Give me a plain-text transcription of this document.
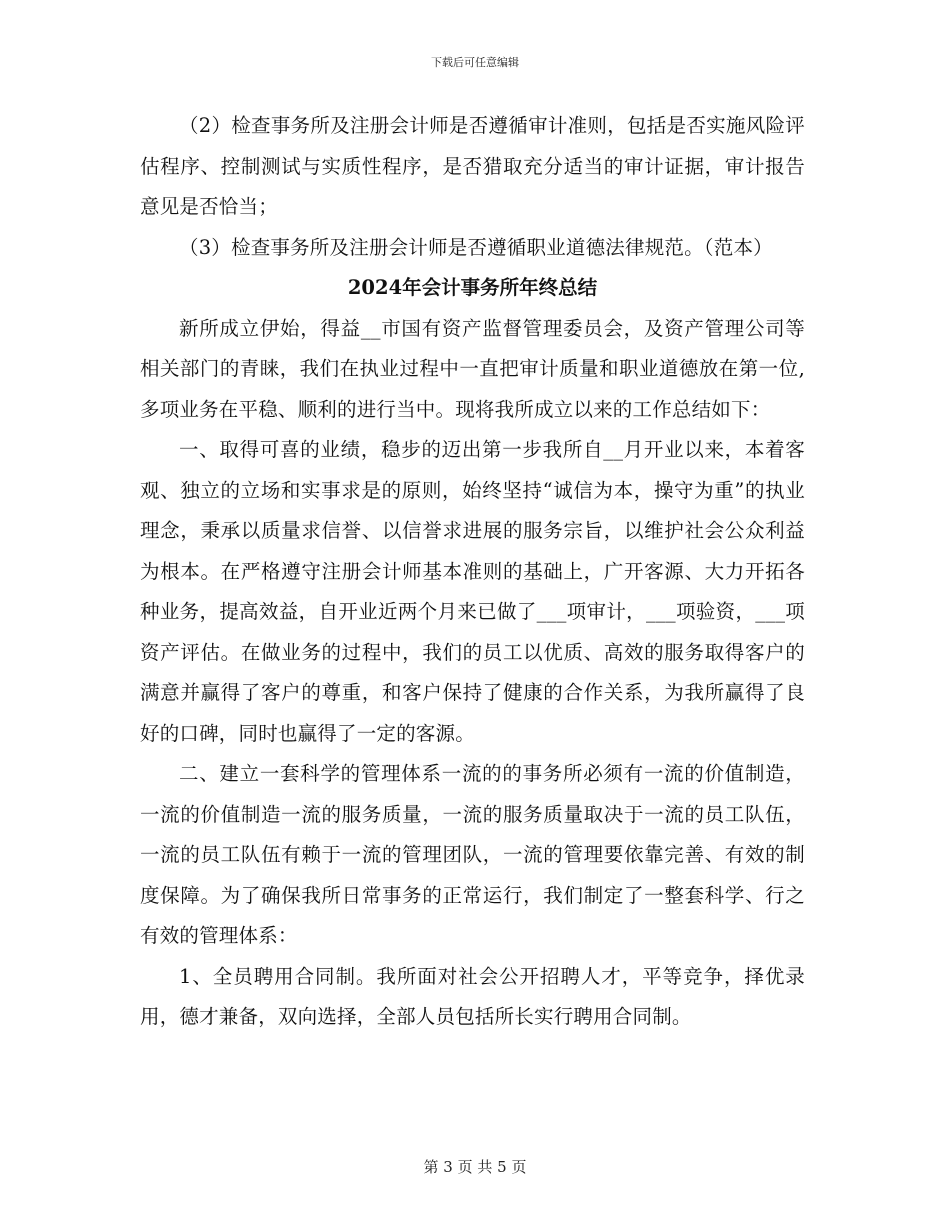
下载后可任意编辑

（2）检查事务所及注册会计师是否遵循审计准则，包括是否实施风险评估程序、控制测试与实质性程序，是否猎取充分适当的审计证据，审计报告意见是否恰当；

（3）检查事务所及注册会计师是否遵循职业道德法律规范。（范本）

2024年会计事务所年终总结

新所成立伊始，得益__市国有资产监督管理委员会，及资产管理公司等相关部门的青睐，我们在执业过程中一直把审计质量和职业道德放在第一位,多项业务在平稳、顺利的进行当中。现将我所成立以来的工作总结如下：

一、取得可喜的业绩，稳步的迈出第一步我所自__月开业以来，本着客观、独立的立场和实事求是的原则，始终坚持“诚信为本，操守为重”的执业理念，秉承以质量求信誉、以信誉求进展的服务宗旨，以维护社会公众利益为根本。在严格遵守注册会计师基本准则的基础上，广开客源、大力开拓各种业务，提高效益，自开业近两个月来已做了___项审计，___项验资，___项资产评估。在做业务的过程中，我们的员工以优质、高效的服务取得客户的满意并赢得了客户的尊重，和客户保持了健康的合作关系，为我所赢得了良好的口碑，同时也赢得了一定的客源。

二、建立一套科学的管理体系一流的的事务所必须有一流的价值制造，一流的价值制造一流的服务质量，一流的服务质量取决于一流的员工队伍，一流的员工队伍有赖于一流的管理团队，一流的管理要依靠完善、有效的制度保障。为了确保我所日常事务的正常运行，我们制定了一整套科学、行之有效的管理体系：

1、全员聘用合同制。我所面对社会公开招聘人才，平等竞争，择优录用，德才兼备，双向选择，全部人员包括所长实行聘用合同制。

第 3 页 共 5 页
